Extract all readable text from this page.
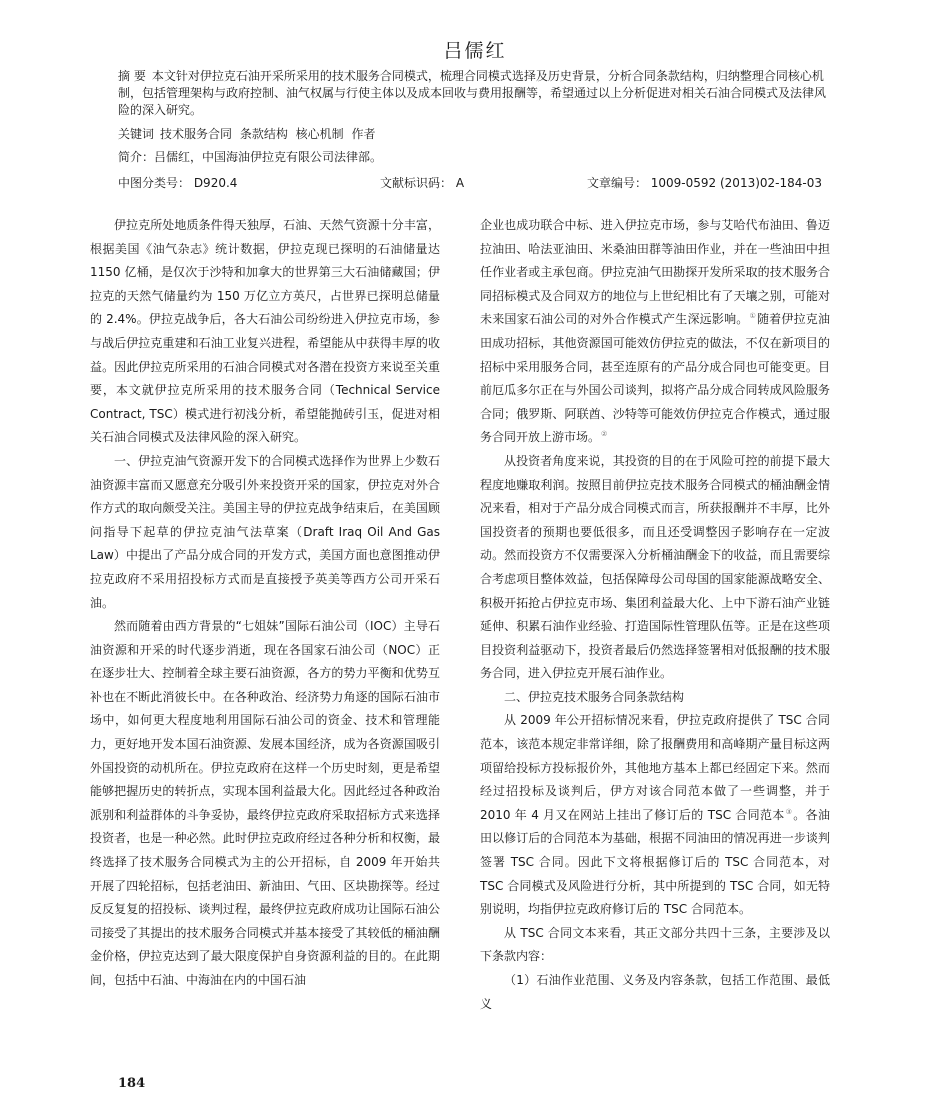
吕儒红
摘 要 本文针对伊拉克石油开采所采用的技术服务合同模式，梳理合同模式选择及历史背景，分析合同条款结构，归纳整理合同核心机制，包括管理架构与政府控制、油气权属与行使主体以及成本回收与费用报酬等，希望通过以上分析促进对相关石油合同模式及法律风险的深入研究。
关键词 技术服务合同 条款结构 核心机制 作者
简介：吕儒红，中国海油伊拉克有限公司法律部。
中图分类号： D920.4	文献标识码： A	文章编号： 1009-0592 (2013)02-184-03

伊拉克所处地质条件得天独厚，石油、天然气资源十分丰富，根据美国《油气杂志》统计数据，伊拉克现已探明的石油储量达 1150 亿桶，是仅次于沙特和加拿大的世界第三大石油储藏国；伊拉克的天然气储量约为 150 万亿立方英尺，占世界已探明总储量的 2.4%。伊拉克战争后，各大石油公司纷纷进入伊拉克市场，参与战后伊拉克重建和石油工业复兴进程，希望能从中获得丰厚的收益。因此伊拉克所采用的石油合同模式对各潜在投资方来说至关重要，本文就伊拉克所采用的技术服务合同（Technical Service Contract, TSC）模式进行初浅分析，希望能抛砖引玉，促进对相关石油合同模式及法律风险的深入研究。

一、伊拉克油气资源开发下的合同模式选择作为世界上少数石油资源丰富而又愿意充分吸引外来投资开采的国家，伊拉克对外合作方式的取向颇受关注。美国主导的伊拉克战争结束后，在美国顾问指导下起草的伊拉克油气法草案（Draft Iraq Oil And Gas Law）中提出了产品分成合同的开发方式，美国方面也意图推动伊拉克政府不采用招投标方式而是直接授予英美等西方公司开采石油。

然而随着由西方背景的“七姐妹”国际石油公司（IOC）主导石油资源和开采的时代逐步消逝，现在各国家石油公司（NOC）正在逐步壮大、控制着全球主要石油资源，各方的势力平衡和优势互补也在不断此消彼长中。在各种政治、经济势力角逐的国际石油市场中，如何更大程度地利用国际石油公司的资金、技术和管理能力，更好地开发本国石油资源、发展本国经济，成为各资源国吸引外国投资的动机所在。伊拉克政府在这样一个历史时刻，更是希望能够把握历史的转折点，实现本国利益最大化。因此经过各种政治派别和利益群体的斗争妥协，最终伊拉克政府采取招标方式来选择投资者，也是一种必然。此时伊拉克政府经过各种分析和权衡，最终选择了技术服务合同模式为主的公开招标，自 2009 年开始共开展了四轮招标，包括老油田、新油田、气田、区块勘探等。经过反反复复的招投标、谈判过程，最终伊拉克政府成功让国际石油公司接受了其提出的技术服务合同模式并基本接受了其较低的桶油酬金价格，伊拉克达到了最大限度保护自身资源利益的目的。在此期间，包括中石油、中海油在内的中国石油

企业也成功联合中标、进入伊拉克市场，参与艾哈代布油田、鲁迈拉油田、哈法亚油田、米桑油田群等油田作业，并在一些油田中担任作业者或主承包商。伊拉克油气田勘探开发所采取的技术服务合同招标模式及合同双方的地位与上世纪相比有了天壤之别，可能对未来国家石油公司的对外合作模式产生深远影响。①随着伊拉克油田成功招标，其他资源国可能效仿伊拉克的做法，不仅在新项目的招标中采用服务合同，甚至连原有的产品分成合同也可能变更。目前厄瓜多尔正在与外国公司谈判，拟将产品分成合同转成风险服务合同；俄罗斯、阿联酋、沙特等可能效仿伊拉克合作模式，通过服务合同开放上游市场。②

从投资者角度来说，其投资的目的在于风险可控的前提下最大程度地赚取利润。按照目前伊拉克技术服务合同模式的桶油酬金情况来看，相对于产品分成合同模式而言，所获报酬并不丰厚，比外国投资者的预期也要低很多，而且还受调整因子影响存在一定波动。然而投资方不仅需要深入分析桶油酬金下的收益，而且需要综合考虑项目整体效益，包括保障母公司母国的国家能源战略安全、积极开拓抢占伊拉克市场、集团利益最大化、上中下游石油产业链延伸、积累石油作业经验、打造国际性管理队伍等。正是在这些项目投资利益驱动下，投资者最后仍然选择签署相对低报酬的技术服务合同，进入伊拉克开展石油作业。

二、伊拉克技术服务合同条款结构

从 2009 年公开招标情况来看，伊拉克政府提供了 TSC 合同范本，该范本规定非常详细，除了报酬费用和高峰期产量目标这两项留给投标方投标报价外，其他地方基本上都已经固定下来。然而经过招投标及谈判后，伊方对该合同范本做了一些调整，并于 2010 年 4 月又在网站上挂出了修订后的 TSC 合同范本③。各油田以修订后的合同范本为基础，根据不同油田的情况再进一步谈判签署 TSC 合同。因此下文将根据修订后的 TSC 合同范本，对 TSC 合同模式及风险进行分析，其中所提到的 TSC 合同，如无特别说明，均指伊拉克政府修订后的 TSC 合同范本。

从 TSC 合同文本来看，其正文部分共四十三条，主要涉及以下条款内容：

（1）石油作业范围、义务及内容条款，包括工作范围、最低义

184
